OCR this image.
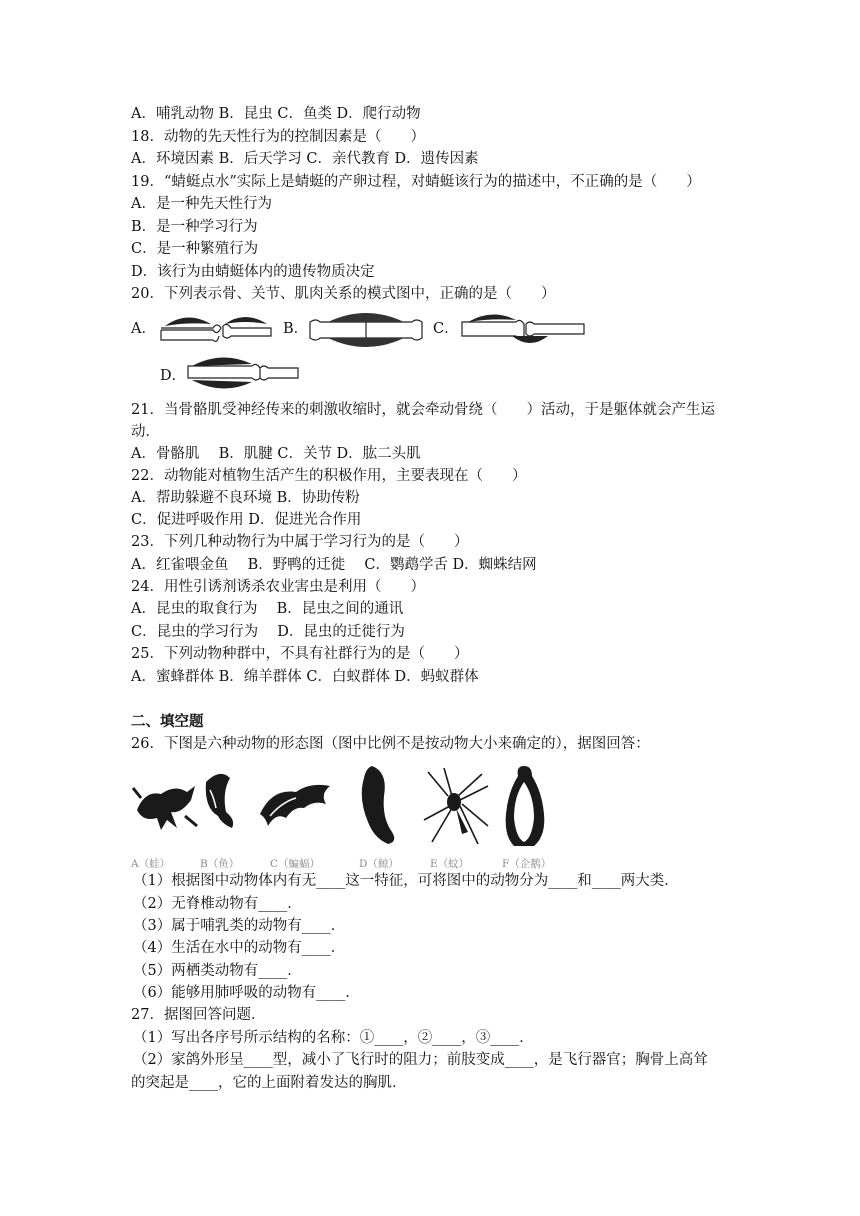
A．哺乳动物 B．昆虫 C．鱼类 D．爬行动物
18．动物的先天性行为的控制因素是（　　）
A．环境因素 B．后天学习 C．亲代教育 D．遗传因素
19．“蜻蜓点水”实际上是蜻蜓的产卵过程，对蜻蜓该行为的描述中，不正确的是（　　）
A．是一种先天性行为
B．是一种学习行为
C．是一种繁殖行为
D．该行为由蜻蜓体内的遗传物质决定
20．下列表示骨、关节、肌肉关系的模式图中，正确的是（　　）
A．	B．	C．
D．
21．当骨骼肌受神经传来的刺激收缩时，就会牵动骨绕（　　）活动，于是躯体就会产生运
动．
A．骨骼肌　 B．肌腱 C．关节 D．肱二头肌
22．动物能对植物生活产生的积极作用，主要表现在（　　）
A．帮助躲避不良环境 B．协助传粉
C．促进呼吸作用 D．促进光合作用
23．下列几种动物行为中属于学习行为的是（　　）
A．红雀喂金鱼　 B．野鸭的迁徙　 C．鹦鹉学舌 D．蜘蛛结网
24．用性引诱剂诱杀农业害虫是利用（　　）
A．昆虫的取食行为　 B．昆虫之间的通讯
C．昆虫的学习行为　 D．昆虫的迁徙行为
25．下列动物种群中，不具有社群行为的是（　　）
A．蜜蜂群体 B．绵羊群体 C．白蚁群体 D．蚂蚁群体
二、填空题
26．下图是六种动物的形态图（图中比例不是按动物大小来确定的），据图回答：
A（蛙）	B（鱼）	C（蝙蝠）	D（鲸）	E（蚊）	F（企鹅）
（1）根据图中动物体内有无____这一特征，可将图中的动物分为____和____两大类．
（2）无脊椎动物有____．
（3）属于哺乳类的动物有____．
（4）生活在水中的动物有____．
（5）两栖类动物有____．
（6）能够用肺呼吸的动物有____．
27．据图回答问题．
（1）写出各序号所示结构的名称：①____，②____，③____．
（2）家鸽外形呈____型，减小了飞行时的阻力；前肢变成____，是飞行器官；胸骨上高耸
的突起是____，它的上面附着发达的胸肌．
